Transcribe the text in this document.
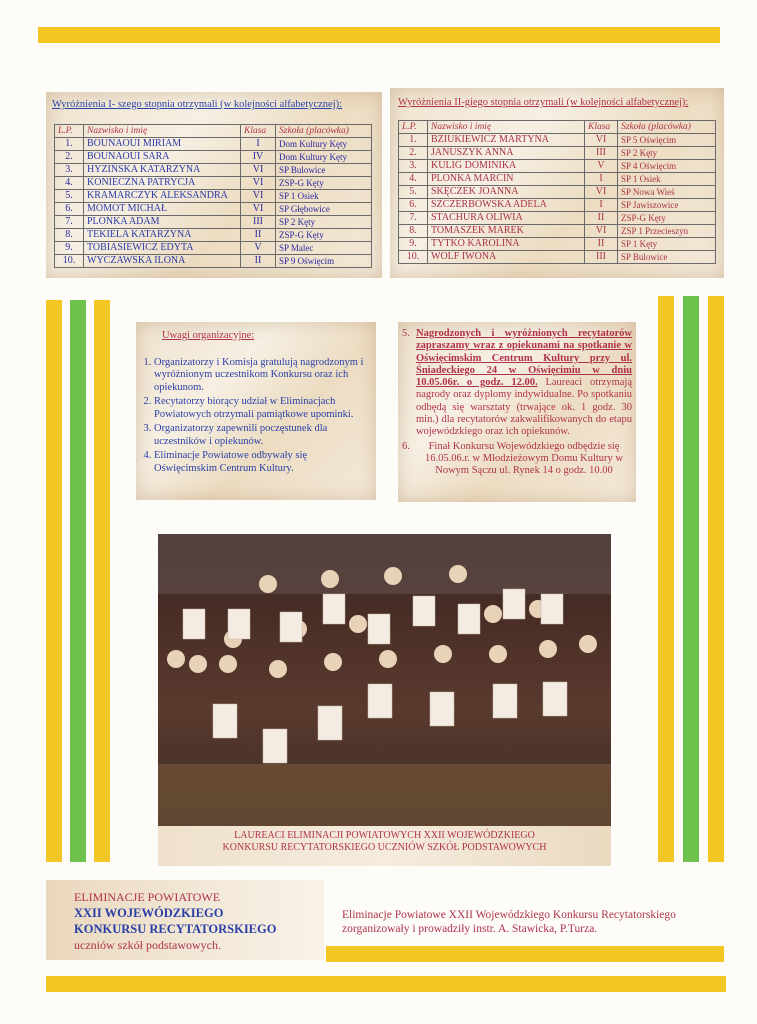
Wyróżnienia I- szego stopnia otrzymali (w kolejności alfabetycznej):
L.P.	Nazwisko i imię	Klasa	Szkoła (placówka)
1.	BOUNAOUI MIRIAM	I	Dom Kultury Kęty
2.	BOUNAOUI SARA	IV	Dom Kultury Kęty
3.	HYZIŃSKA KATARZYNA	VI	SP Bulowice
4.	KONIECZNA PATRYCJA	VI	ZSP-G Kęty
5.	KRAMARCZYK ALEKSANDRA	VI	SP 1 Osiek
6.	MOMOT MICHAŁ	VI	SP Głębowice
7.	PLONKA ADAM	III	SP 2 Kęty
8.	TEKIELA KATARZYNA	II	ZSP-G Kęty
9.	TOBIASIEWICZ EDYTA	V	SP Malec
10.	WYCZAWSKA ILONA	II	SP 9 Oświęcim
Wyróżnienia II-giego stopnia otrzymali (w kolejności alfabetycznej):
L.P.	Nazwisko i imię	Klasa	Szkoła (placówka)
1.	BZIUKIEWICZ MARTYNA	VI	SP 5 Oświęcim
2.	JANUSZYK ANNA	III	SP 2 Kęty
3.	KULIG DOMINIKA	V	SP 4 Oświęcim
4.	PLONKA MARCIN	I	SP 1 Osiek
5.	SKĘCZEK JOANNA	VI	SP Nowa Wieś
6.	SZCZERBOWSKA ADELA	I	SP Jawiszowice
7.	STACHURA OLIWIA	II	ZSP-G Kęty
8.	TOMASZEK MAREK	VI	ZSP 1 Przecieszyn
9.	TYTKO KAROLINA	II	SP 1 Kęty
10.	WOLF IWONA	III	SP Bulowice
Uwagi organizacyjne:
1. Organizatorzy i Komisja gratulują nagrodzonym i wyróżnionym uczestnikom Konkursu oraz ich opiekunom.
2. Recytatorzy biorący udział w Eliminacjach Powiatowych otrzymali pamiątkowe upominki.
3. Organizatorzy zapewnili poczęstunek dla uczestników i opiekunów.
4. Eliminacje Powiatowe odbywały się Oświęcimskim Centrum Kultury.
5. Nagrodzonych i wyróżnionych recytatorów zapraszamy wraz z opiekunami na spotkanie w Oświęcimskim Centrum Kultury przy ul. Śniadeckiego 24 w Oświęcimiu w dniu 10.05.06r. o godz. 12.00. Laureaci otrzymają nagrody oraz dyplomy indywidualne. Po spotkaniu odbędą się warsztaty (trwające ok. 1 godz. 30 min.) dla recytatorów zakwalifikowanych do etapu wojewódzkiego oraz ich opiekunów.
6.	Finał Konkursu Wojewódzkiego odbędzie się 16.05.06.r. w Młodzieżowym Domu Kultury w Nowym Sączu ul. Rynek 14 o godz. 10.00
LAUREACI ELIMINACJI POWIATOWYCH XXII WOJEWÓDZKIEGO
KONKURSU RECYTATORSKIEGO UCZNIÓW SZKÓŁ PODSTAWOWYCH
ELIMINACJE POWIATOWE
XXII WOJEWÓDZKIEGO
KONKURSU RECYTATORSKIEGO
uczniów szkół podstawowych.
Eliminacje Powiatowe XXII Wojewódzkiego Konkursu Recytatorskiego
zorganizowały i prowadziły instr. A. Stawicka, P.Turza.
